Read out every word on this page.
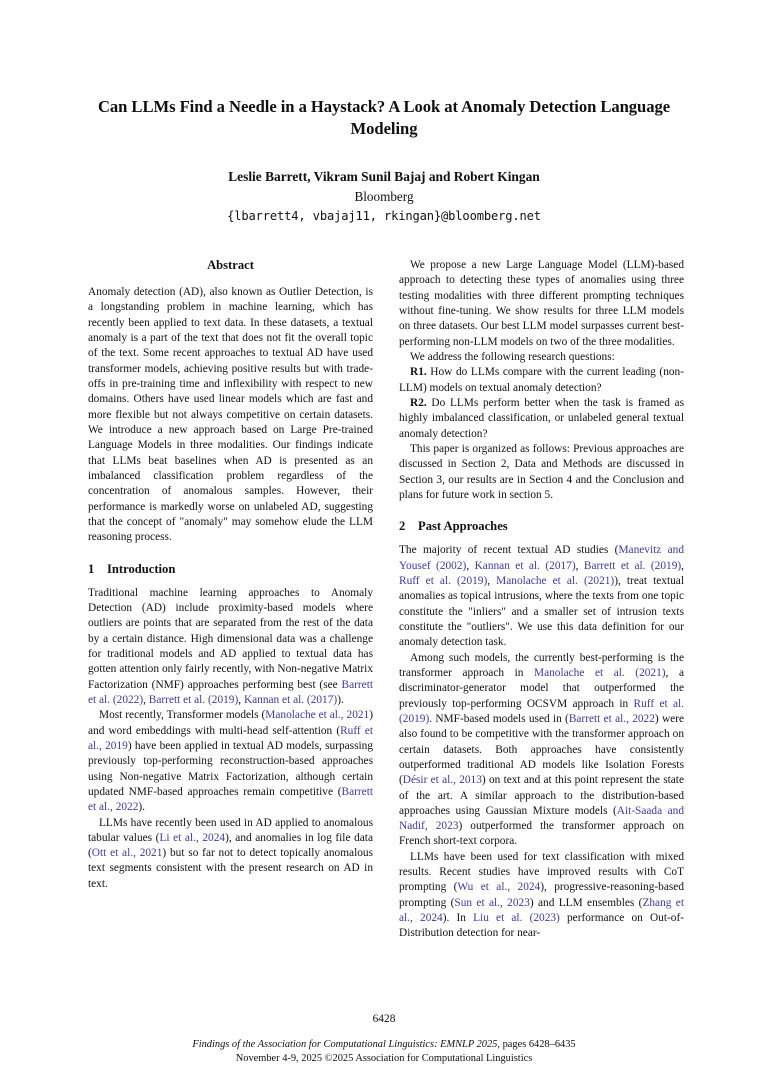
Can LLMs Find a Needle in a Haystack? A Look at Anomaly Detection Language Modeling
Leslie Barrett, Vikram Sunil Bajaj and Robert Kingan
Bloomberg
{lbarrett4, vbajaj11, rkingan}@bloomberg.net
Abstract

Anomaly detection (AD), also known as Outlier Detection, is a longstanding problem in machine learning, which has recently been applied to text data. In these datasets, a textual anomaly is a part of the text that does not fit the overall topic of the text. Some recent approaches to textual AD have used transformer models, achieving positive results but with trade-offs in pre-training time and inflexibility with respect to new domains. Others have used linear models which are fast and more flexible but not always competitive on certain datasets. We introduce a new approach based on Large Pre-trained Language Models in three modalities. Our findings indicate that LLMs beat baselines when AD is presented as an imbalanced classification problem regardless of the concentration of anomalous samples. However, their performance is markedly worse on unlabeled AD, suggesting that the concept of "anomaly" may somehow elude the LLM reasoning process.

1 Introduction

Traditional machine learning approaches to Anomaly Detection (AD) include proximity-based models where outliers are points that are separated from the rest of the data by a certain distance. High dimensional data was a challenge for traditional models and AD applied to textual data has gotten attention only fairly recently, with Non-negative Matrix Factorization (NMF) approaches performing best (see Barrett et al. (2022), Barrett et al. (2019), Kannan et al. (2017)).

Most recently, Transformer models (Manolache et al., 2021) and word embeddings with multi-head self-attention (Ruff et al., 2019) have been applied in textual AD models, surpassing previously top-performing reconstruction-based approaches using Non-negative Matrix Factorization, although certain updated NMF-based approaches remain competitive (Barrett et al., 2022).

LLMs have recently been used in AD applied to anomalous tabular values (Li et al., 2024), and anomalies in log file data (Ott et al., 2021) but so far not to detect topically anomalous text segments consistent with the present research on AD in text.

We propose a new Large Language Model (LLM)-based approach to detecting these types of anomalies using three testing modalities with three different prompting techniques without fine-tuning. We show results for three LLM models on three datasets. Our best LLM model surpasses current best-performing non-LLM models on two of the three modalities.

We address the following research questions:

R1. How do LLMs compare with the current leading (non-LLM) models on textual anomaly detection?

R2. Do LLMs perform better when the task is framed as highly imbalanced classification, or unlabeled general textual anomaly detection?

This paper is organized as follows: Previous approaches are discussed in Section 2, Data and Methods are discussed in Section 3, our results are in Section 4 and the Conclusion and plans for future work in section 5.

2 Past Approaches

The majority of recent textual AD studies (Manevitz and Yousef (2002), Kannan et al. (2017), Barrett et al. (2019), Ruff et al. (2019), Manolache et al. (2021)), treat textual anomalies as topical intrusions, where the texts from one topic constitute the "inliers" and a smaller set of intrusion texts constitute the "outliers". We use this data definition for our anomaly detection task.

Among such models, the currently best-performing is the transformer approach in Manolache et al. (2021), a discriminator-generator model that outperformed the previously top-performing OCSVM approach in Ruff et al. (2019). NMF-based models used in (Barrett et al., 2022) were also found to be competitive with the transformer approach on certain datasets. Both approaches have consistently outperformed traditional AD models like Isolation Forests (Désir et al., 2013) on text and at this point represent the state of the art. A similar approach to the distribution-based approaches using Gaussian Mixture models (Ait-Saada and Nadif, 2023) outperformed the transformer approach on French short-text corpora.

LLMs have been used for text classification with mixed results. Recent studies have improved results with CoT prompting (Wu et al., 2024), progressive-reasoning-based prompting (Sun et al., 2023) and LLM ensembles (Zhang et al., 2024). In Liu et al. (2023) performance on Out-of-Distribution detection for near-

6428
Findings of the Association for Computational Linguistics: EMNLP 2025, pages 6428–6435
November 4-9, 2025 ©2025 Association for Computational Linguistics
